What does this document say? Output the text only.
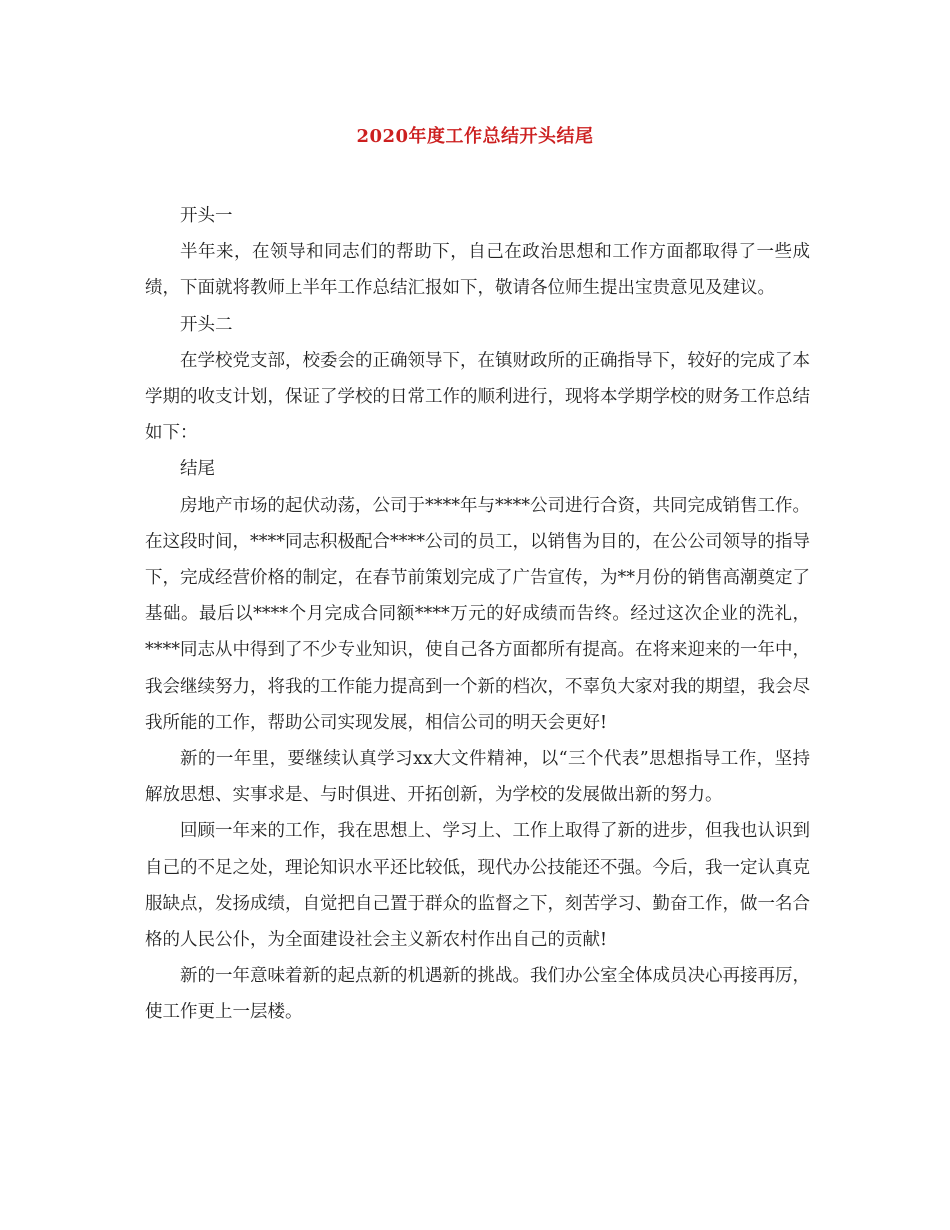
2020年度工作总结开头结尾

开头一

半年来，在领导和同志们的帮助下，自己在政治思想和工作方面都取得了一些成绩，下面就将教师上半年工作总结汇报如下，敬请各位师生提出宝贵意见及建议。

开头二

在学校党支部，校委会的正确领导下，在镇财政所的正确指导下，较好的完成了本学期的收支计划，保证了学校的日常工作的顺利进行，现将本学期学校的财务工作总结如下：

结尾

房地产市场的起伏动荡，公司于****年与****公司进行合资，共同完成销售工作。在这段时间，****同志积极配合****公司的员工，以销售为目的，在公公司领导的指导下，完成经营价格的制定，在春节前策划完成了广告宣传，为**月份的销售高潮奠定了基础。最后以****个月完成合同额****万元的好成绩而告终。经过这次企业的洗礼，****同志从中得到了不少专业知识，使自己各方面都所有提高。在将来迎来的一年中，我会继续努力，将我的工作能力提高到一个新的档次，不辜负大家对我的期望，我会尽我所能的工作，帮助公司实现发展，相信公司的明天会更好!

新的一年里，要继续认真学习xx大文件精神，以“三个代表”思想指导工作，坚持解放思想、实事求是、与时俱进、开拓创新，为学校的发展做出新的努力。

回顾一年来的工作，我在思想上、学习上、工作上取得了新的进步，但我也认识到自己的不足之处，理论知识水平还比较低，现代办公技能还不强。今后，我一定认真克服缺点，发扬成绩，自觉把自己置于群众的监督之下，刻苦学习、勤奋工作，做一名合格的人民公仆，为全面建设社会主义新农村作出自己的贡献!

新的一年意味着新的起点新的机遇新的挑战。我们办公室全体成员决心再接再厉，使工作更上一层楼。
